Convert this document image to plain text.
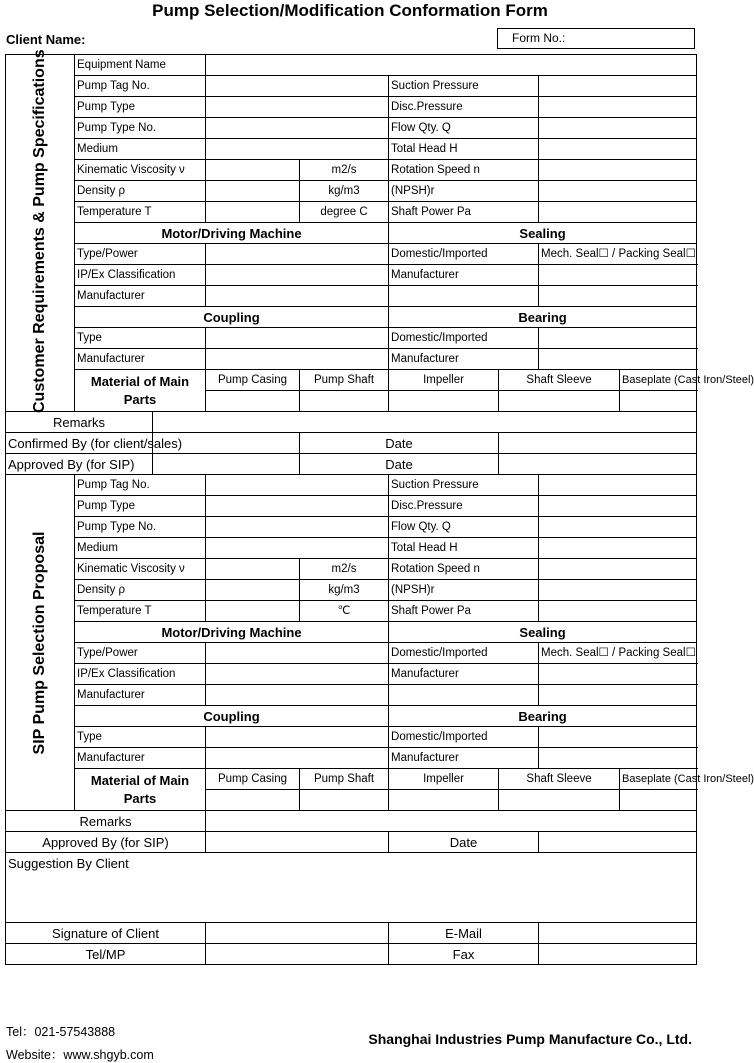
Pump Selection/Modification Conformation Form
Client Name:	Form No.:
Customer Requirements & Pump Specifications	Equipment Name								
	Pump Tag No.				Suction Pressure		
	Pump Type				Disc.Pressure		
	Pump Type No.				Flow Qty. Q		
	Medium				Total Head H		
	Kinematic Viscosity ν			m2/s	Rotation Speed n		
	Density ρ			kg/m3	(NPSH)r		
	Temperature T			degree C	Shaft Power Pa		
	Motor/Driving Machine				Sealing				
	Type/Power				Domestic/Imported		Mech. Seal☐ / Packing Seal☐		
	IP/Ex Classification				Manufacturer				
	Manufacturer								
	Coupling				Bearing				
	Type				Domestic/Imported				
	Manufacturer				Manufacturer				
	Material of Main Parts		Pump Casing	Pump Shaft	Impeller	Shaft Sleeve		Baseplate (Cast Iron/Steel)	

Remarks									
Confirmed By (for client/sales)				Date					
Approved By (for SIP)				Date					

SIP Pump Selection Proposal	Pump Tag No.				Suction Pressure		
	Pump Type				Disc.Pressure		
	Pump Type No.				Flow Qty. Q		
	Medium				Total Head H		
	Kinematic Viscosity ν			m2/s	Rotation Speed n		
	Density ρ			kg/m3	(NPSH)r		
	Temperature T			℃	Shaft Power Pa		
	Motor/Driving Machine				Sealing				
	Type/Power				Domestic/Imported		Mech. Seal☐ / Packing Seal☐		
	IP/Ex Classification				Manufacturer				
	Manufacturer								
	Coupling				Bearing				
	Type				Domestic/Imported				
	Manufacturer				Manufacturer				
	Material of Main Parts		Pump Casing	Pump Shaft	Impeller	Shaft Sleeve		Baseplate (Cast Iron/Steel)	

Remarks									
Approved By (for SIP)					Date				
Suggestion By Client									
Signature of Client					E-Mail				
Tel/MP					Fax				
Tel：021-57543888
Website：www.shgyb.com
Shanghai Industries Pump Manufacture Co., Ltd.
